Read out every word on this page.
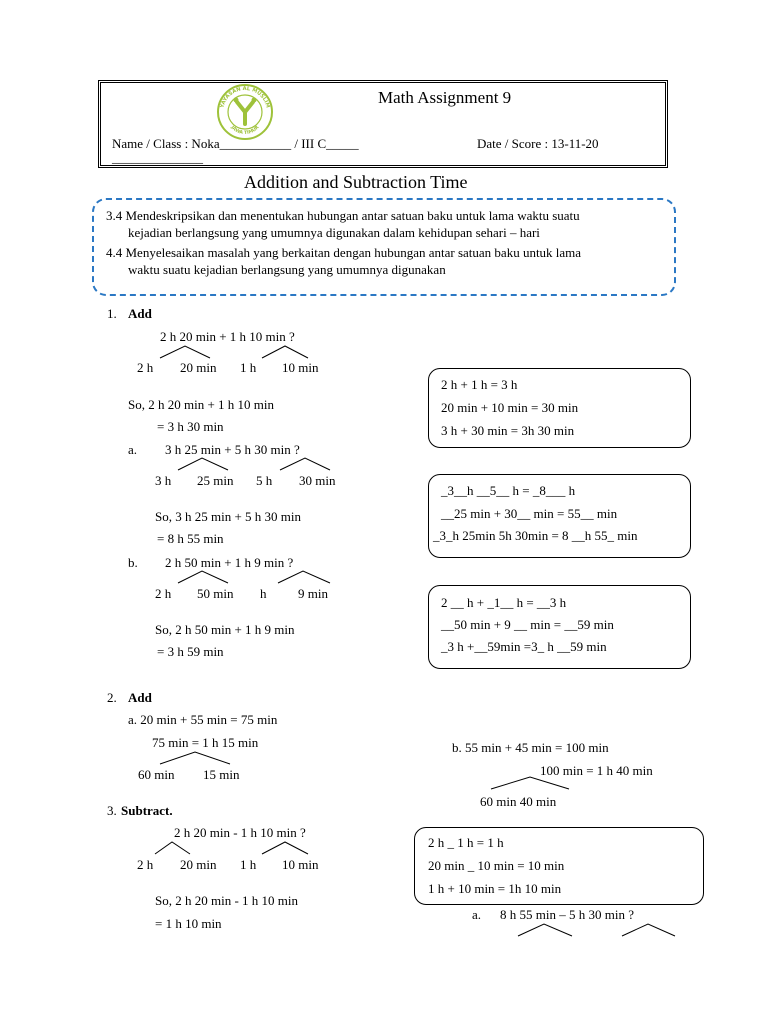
YAYASAN AL MUSLIM
JAWA TIMUR
Math Assignment 9
Name / Class : Noka___________ / III C_____	Date / Score : 13-11-20
______________
Addition and Subtraction Time
3.4 Mendeskripsikan dan menentukan hubungan antar satuan baku untuk lama waktu suatu
kejadian berlangsung yang umumnya digunakan dalam kehidupan sehari – hari
4.4 Menyelesaikan masalah yang berkaitan dengan hubungan antar satuan baku untuk lama
waktu suatu kejadian berlangsung yang umumnya digunakan
1. Add
2 h 20 min + 1 h 10 min ?
2 h 20 min 1 h 10 min
So, 2 h 20 min + 1 h 10 min
= 3 h 30 min
2 h + 1 h = 3 h
20 min + 10 min = 30 min
3 h + 30 min = 3h 30 min
a. 3 h 25 min + 5 h 30 min ?
3 h 25 min 5 h 30 min
So, 3 h 25 min + 5 h 30 min
= 8 h 55 min
_3__h __5__ h = _8___ h
__25 min + 30__ min = 55__ min
_3_h 25min 5h 30min = 8 __h 55_ min
b. 2 h 50 min + 1 h 9 min ?
2 h 50 min h 9 min
So, 2 h 50 min + 1 h 9 min
= 3 h 59 min
2 __ h + _1__ h = __3 h
__50 min + 9 __ min = __59 min
_3 h +__59min =3_ h __59 min
2. Add
a. 20 min + 55 min = 75 min
75 min = 1 h 15 min
60 min 15 min
b. 55 min + 45 min = 100 min
100 min = 1 h 40 min
60 min 40 min
3. Subtract.
2 h 20 min - 1 h 10 min ?
2 h 20 min 1 h 10 min
So, 2 h 20 min - 1 h 10 min
= 1 h 10 min
2 h _ 1 h = 1 h
20 min _ 10 min = 10 min
1 h + 10 min = 1h 10 min
a. 8 h 55 min – 5 h 30 min ?
